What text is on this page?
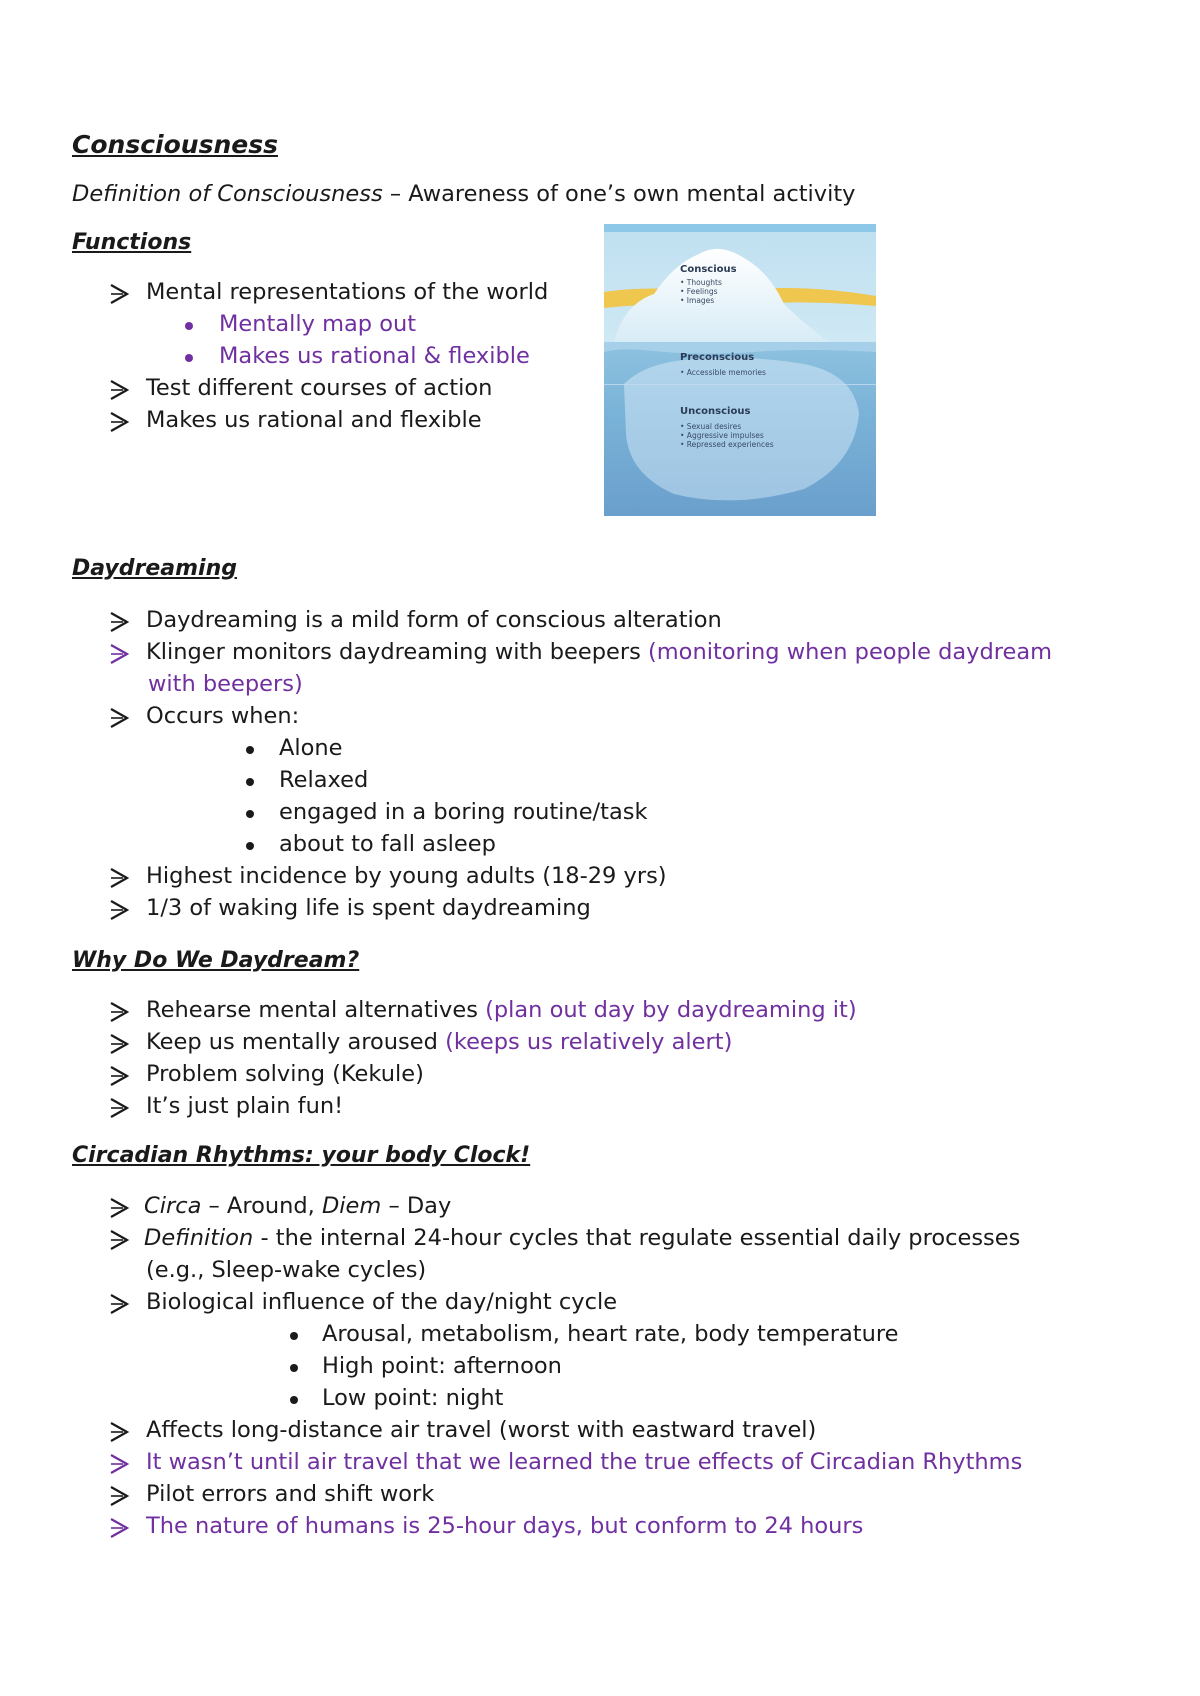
Consciousness

Definition of Consciousness – Awareness of one’s own mental activity

Functions

Mental representations of the world

Mentally map out

Makes us rational & flexible

Test different courses of action

Makes us rational and flexible

Conscious
• Thoughts
• Feelings
• Images
Preconscious
• Accessible memories
Unconscious
• Sexual desires
• Aggressive impulses
• Repressed experiences
Daydreaming

Daydreaming is a mild form of conscious alteration

Klinger monitors daydreaming with beepers (monitoring when people daydream

with beepers)

Occurs when:

Alone

Relaxed

engaged in a boring routine/task

about to fall asleep

Highest incidence by young adults (18-29 yrs)

1/3 of waking life is spent daydreaming

Why Do We Daydream?

Rehearse mental alternatives (plan out day by daydreaming it)

Keep us mentally aroused (keeps us relatively alert)

Problem solving (Kekule)

It’s just plain fun!

Circadian Rhythms: your body Clock!

Circa – Around, Diem – Day

Definition - the internal 24-hour cycles that regulate essential daily processes

(e.g., Sleep-wake cycles)

Biological influence of the day/night cycle

Arousal, metabolism, heart rate, body temperature

High point: afternoon

Low point: night

Affects long-distance air travel (worst with eastward travel)

It wasn’t until air travel that we learned the true effects of Circadian Rhythms

Pilot errors and shift work

The nature of humans is 25-hour days, but conform to 24 hours
